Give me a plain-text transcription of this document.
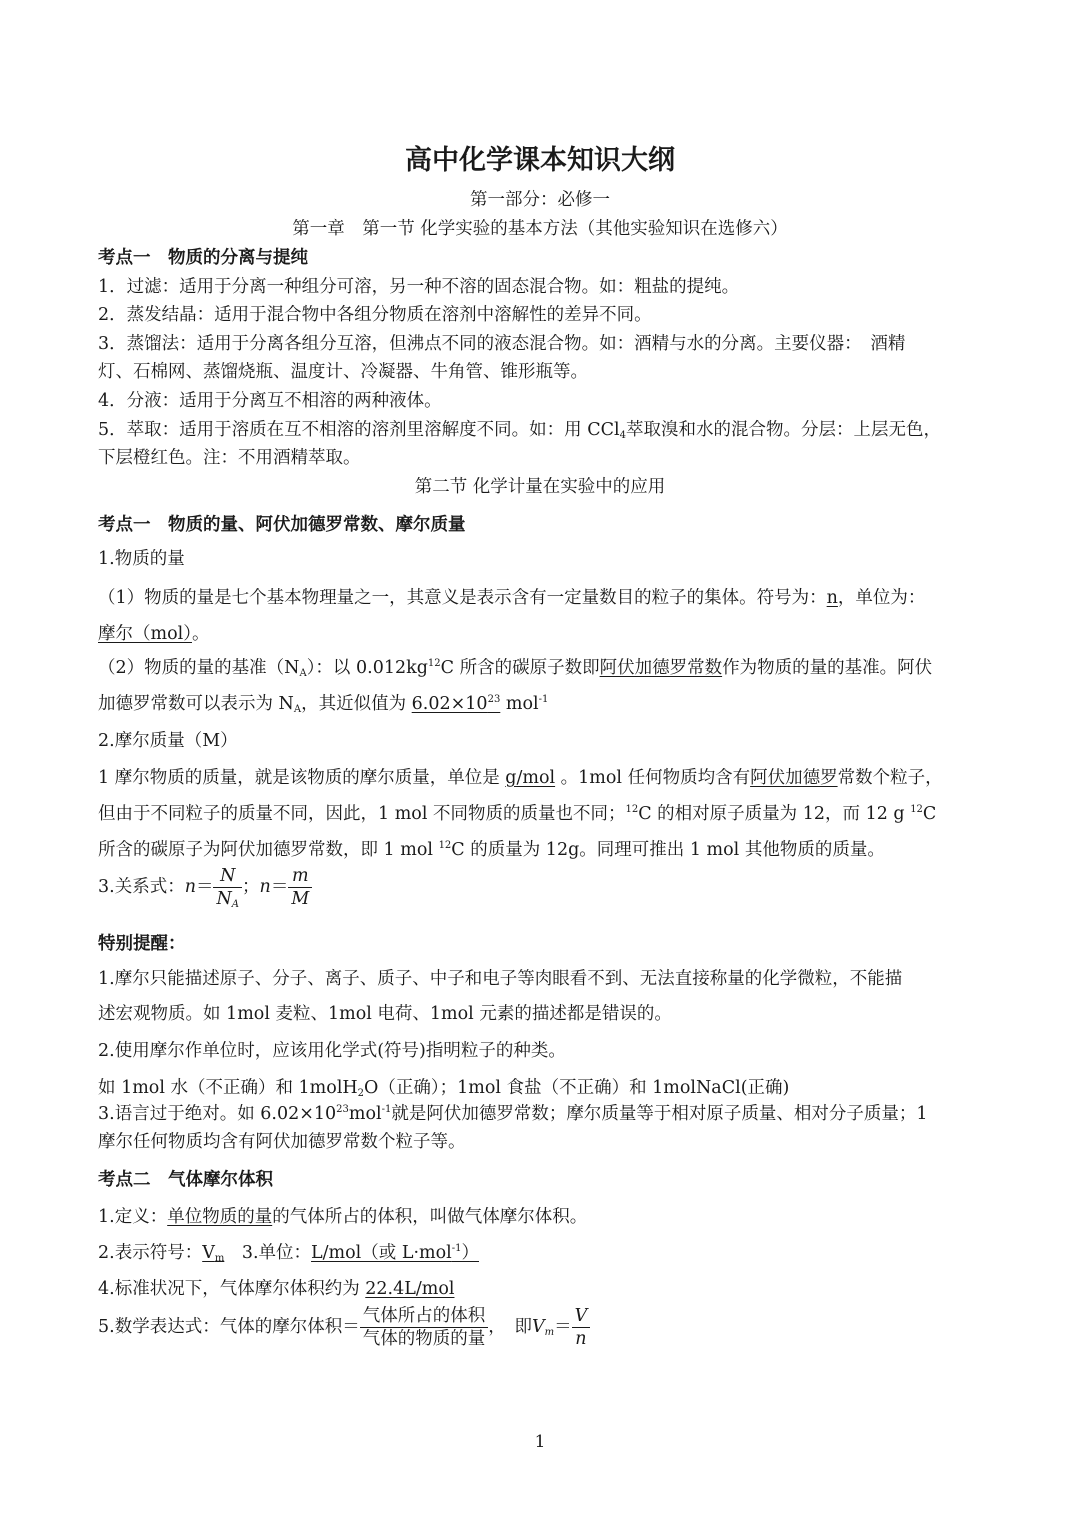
高中化学课本知识大纲
第一部分：必修一
第一章　第一节 化学实验的基本方法（其他实验知识在选修六）
考点一　物质的分离与提纯
1．过滤：适用于分离一种组分可溶，另一种不溶的固态混合物。如：粗盐的提纯。
2．蒸发结晶：适用于混合物中各组分物质在溶剂中溶解性的差异不同。
3．蒸馏法：适用于分离各组分互溶，但沸点不同的液态混合物。如：酒精与水的分离。主要仪器：　酒精
灯、石棉网、蒸馏烧瓶、温度计、冷凝器、牛角管、锥形瓶等。
4．分液：适用于分离互不相溶的两种液体。
5．萃取：适用于溶质在互不相溶的溶剂里溶解度不同。如：用 CCl$_4$萃取溴和水的混合物。分层：上层无色，
下层橙红色。注：不用酒精萃取。
第二节 化学计量在实验中的应用
考点一　物质的量、阿伏加德罗常数、摩尔质量
1.物质的量
（1）物质的量是七个基本物理量之一，其意义是表示含有一定量数目的粒子的集体。符号为：n，单位为：
摩尔（mol）。
（2）物质的量的基准$(N_A)$：以 $0.012kg^{12}C$ 所含的碳原子数即阿伏加德罗常数作为物质的量的基准。阿伏
加德罗常数可以表示为 $N_A$，其近似值为 $6.02\times 10^{23}$ mol$^{-1}$
2.摩尔质量（M）
1 摩尔物质的质量，就是该物质的摩尔质量，单位是 g/mol 。1mol 任何物质均含有阿伏加德罗常数个粒子，
但由于不同粒子的质量不同，因此，1 mol 不同物质的质量也不同；$^{12}$C 的相对原子质量为 12，而 12 g $^{12}$C
所含的碳原子为阿伏加德罗常数，即 1 mol $^{12}$C 的质量为 12g。同理可推出 1 mol 其他物质的质量。
3.关系式：$n= \frac{N}{N_A}$ ；$n= \frac{m}{M}$
特别提醒：
1.摩尔只能描述原子、分子、离子、质子、中子和电子等肉眼看不到、无法直接称量的化学微粒，不能描
述宏观物质。如 1mol 麦粒、1mol 电荷、1mol 元素的描述都是错误的。
2.使用摩尔作单位时，应该用化学式(符号)指明粒子的种类。
如 1mol 水（不正确）和 1molH$_2$O（正确）；1mol 食盐（不正确）和 1molNaCl(正确)
3.语言过于绝对。如 $6.02\times 10^{23}mol^{-1}$就是阿伏加德罗常数；摩尔质量等于相对原子质量、相对分子质量；1
摩尔任何物质均含有阿伏加德罗常数个粒子等。
考点二　气体摩尔体积
1.定义：单位物质的量的气体所占的体积，叫做气体摩尔体积。
2.表示符号：$V_m$　3.单位：L/mol（或 L·mol$^{-1}$）
4.标准状况下，气体摩尔体积约为 22.4L/mol
5.数学表达式：气体的摩尔体积＝ $\frac{\text{气体所占的体积}}{\text{气体的物质的量}}$ ，　即$V_m= \frac{V}{n}$
1
